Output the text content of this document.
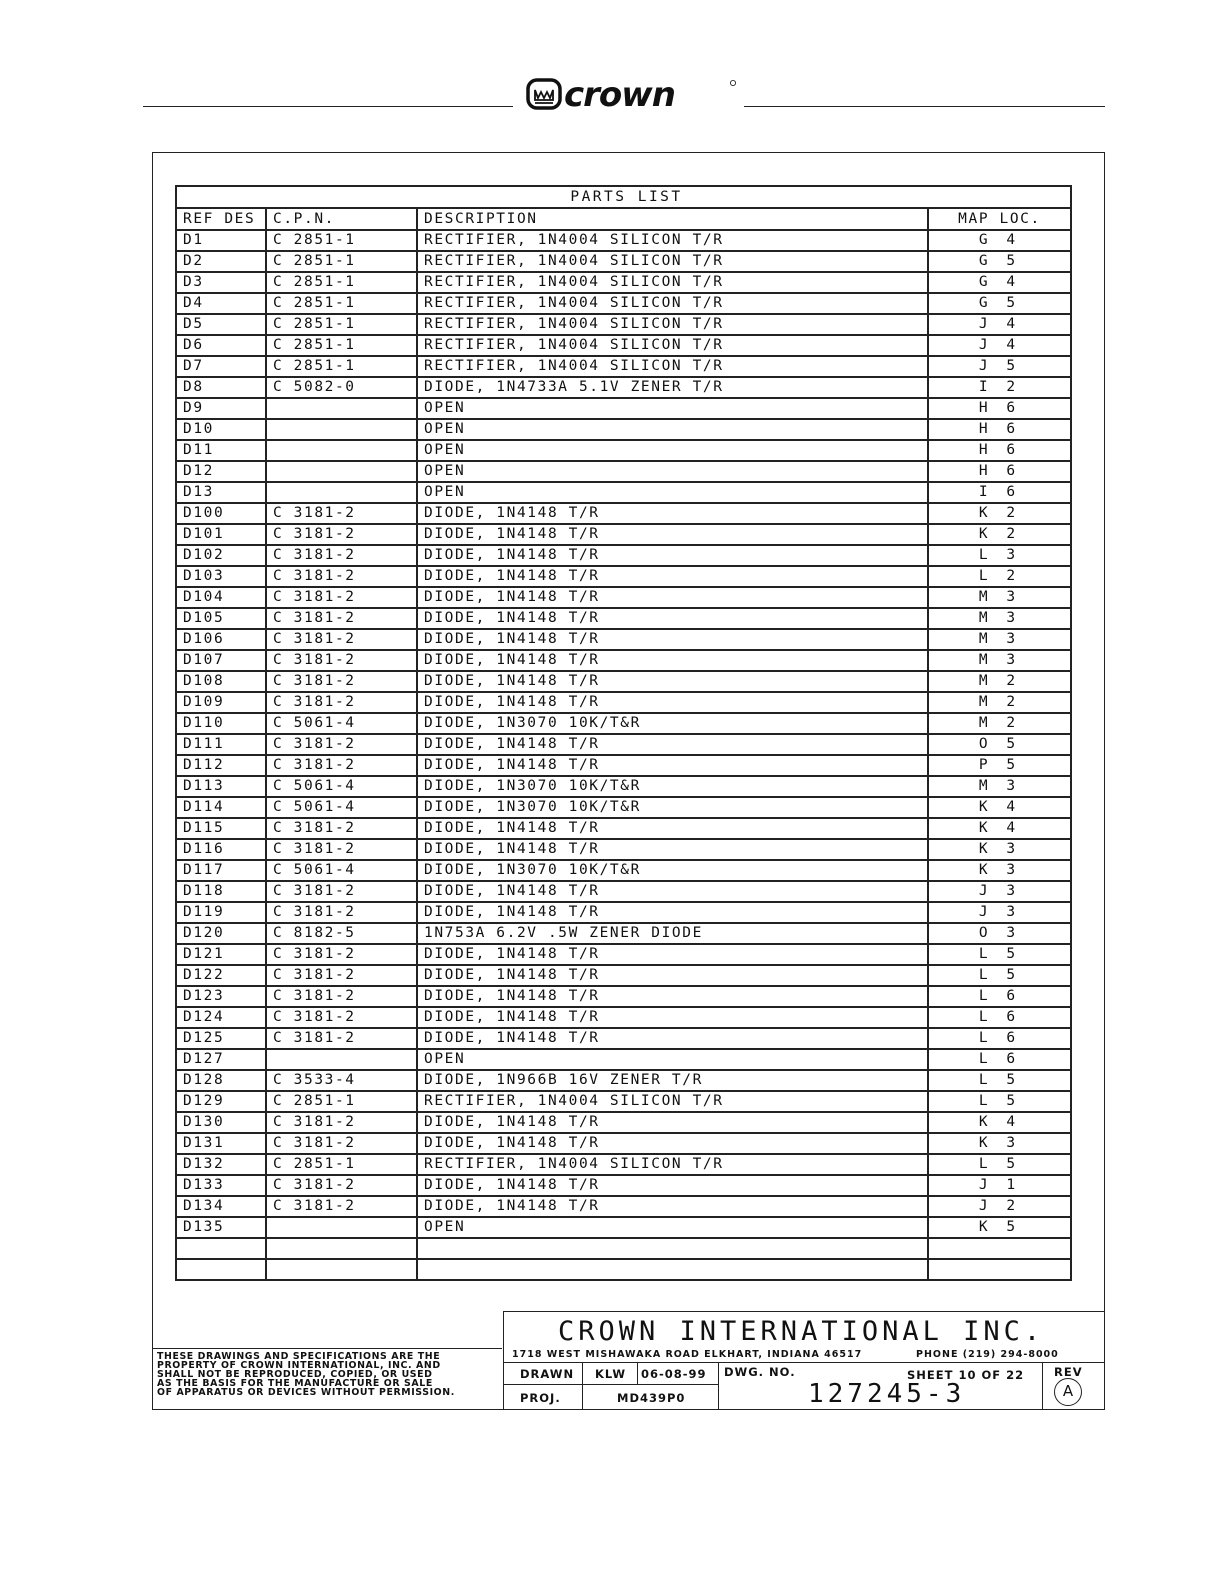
crown
PARTS LIST			
REF DES	C.P.N.	DESCRIPTION	MAP LOC.
D1	C 2851-1	RECTIFIER, 1N4004 SILICON T/R	G 4
D2	C 2851-1	RECTIFIER, 1N4004 SILICON T/R	G 5
D3	C 2851-1	RECTIFIER, 1N4004 SILICON T/R	G 4
D4	C 2851-1	RECTIFIER, 1N4004 SILICON T/R	G 5
D5	C 2851-1	RECTIFIER, 1N4004 SILICON T/R	J 4
D6	C 2851-1	RECTIFIER, 1N4004 SILICON T/R	J 4
D7	C 2851-1	RECTIFIER, 1N4004 SILICON T/R	J 5
D8	C 5082-0	DIODE, 1N4733A 5.1V ZENER T/R	I 2
D9		OPEN	H 6
D10		OPEN	H 6
D11		OPEN	H 6
D12		OPEN	H 6
D13		OPEN	I 6
D100	C 3181-2	DIODE, 1N4148 T/R	K 2
D101	C 3181-2	DIODE, 1N4148 T/R	K 2
D102	C 3181-2	DIODE, 1N4148 T/R	L 3
D103	C 3181-2	DIODE, 1N4148 T/R	L 2
D104	C 3181-2	DIODE, 1N4148 T/R	M 3
D105	C 3181-2	DIODE, 1N4148 T/R	M 3
D106	C 3181-2	DIODE, 1N4148 T/R	M 3
D107	C 3181-2	DIODE, 1N4148 T/R	M 3
D108	C 3181-2	DIODE, 1N4148 T/R	M 2
D109	C 3181-2	DIODE, 1N4148 T/R	M 2
D110	C 5061-4	DIODE, 1N3070 10K/T&R	M 2
D111	C 3181-2	DIODE, 1N4148 T/R	O 5
D112	C 3181-2	DIODE, 1N4148 T/R	P 5
D113	C 5061-4	DIODE, 1N3070 10K/T&R	M 3
D114	C 5061-4	DIODE, 1N3070 10K/T&R	K 4
D115	C 3181-2	DIODE, 1N4148 T/R	K 4
D116	C 3181-2	DIODE, 1N4148 T/R	K 3
D117	C 5061-4	DIODE, 1N3070 10K/T&R	K 3
D118	C 3181-2	DIODE, 1N4148 T/R	J 3
D119	C 3181-2	DIODE, 1N4148 T/R	J 3
D120	C 8182-5	1N753A 6.2V .5W ZENER DIODE	O 3
D121	C 3181-2	DIODE, 1N4148 T/R	L 5
D122	C 3181-2	DIODE, 1N4148 T/R	L 5
D123	C 3181-2	DIODE, 1N4148 T/R	L 6
D124	C 3181-2	DIODE, 1N4148 T/R	L 6
D125	C 3181-2	DIODE, 1N4148 T/R	L 6
D127		OPEN	L 6
D128	C 3533-4	DIODE, 1N966B 16V ZENER T/R	L 5
D129	C 2851-1	RECTIFIER, 1N4004 SILICON T/R	L 5
D130	C 3181-2	DIODE, 1N4148 T/R	K 4
D131	C 3181-2	DIODE, 1N4148 T/R	K 3
D132	C 2851-1	RECTIFIER, 1N4004 SILICON T/R	L 5
D133	C 3181-2	DIODE, 1N4148 T/R	J 1
D134	C 3181-2	DIODE, 1N4148 T/R	J 2
D135		OPEN	K 5

THESE DRAWINGS AND SPECIFICATIONS ARE THE
PROPERTY OF CROWN INTERNATIONAL, INC. AND
SHALL NOT BE REPRODUCED, COPIED, OR USED
AS THE BASIS FOR THE MANUFACTURE OR SALE
OF APPARATUS OR DEVICES WITHOUT PERMISSION.
CROWN INTERNATIONAL INC.
1718 WEST MISHAWAKA ROAD ELKHART, INDIANA 46517	PHONE (219) 294-8000
DRAWN KLW 06-08-99 DWG. NO.	SHEET 10 OF 22	REV
PROJ.	MD439P0	127245-3	A
